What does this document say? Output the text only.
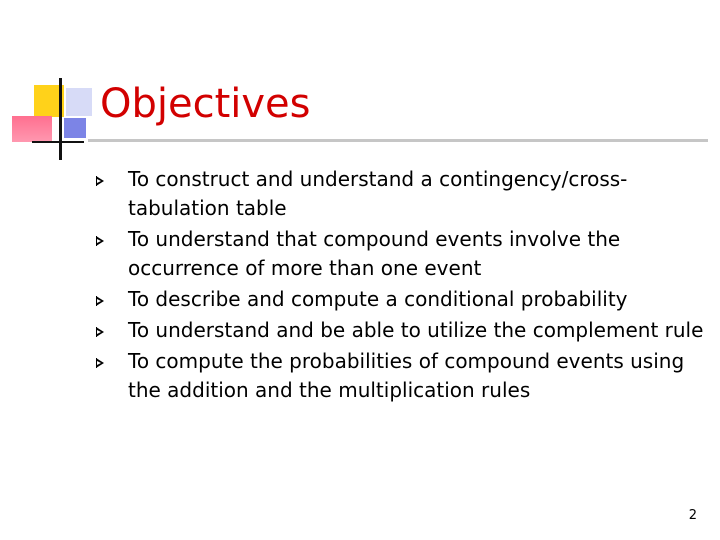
Objectives
To construct and understand a contingency/cross-tabulation table
To understand that compound events involve the occurrence of more than one event
To describe and compute a conditional probability
To understand and be able to utilize the complement rule
To compute the probabilities of compound events using the addition and the multiplication rules
2
